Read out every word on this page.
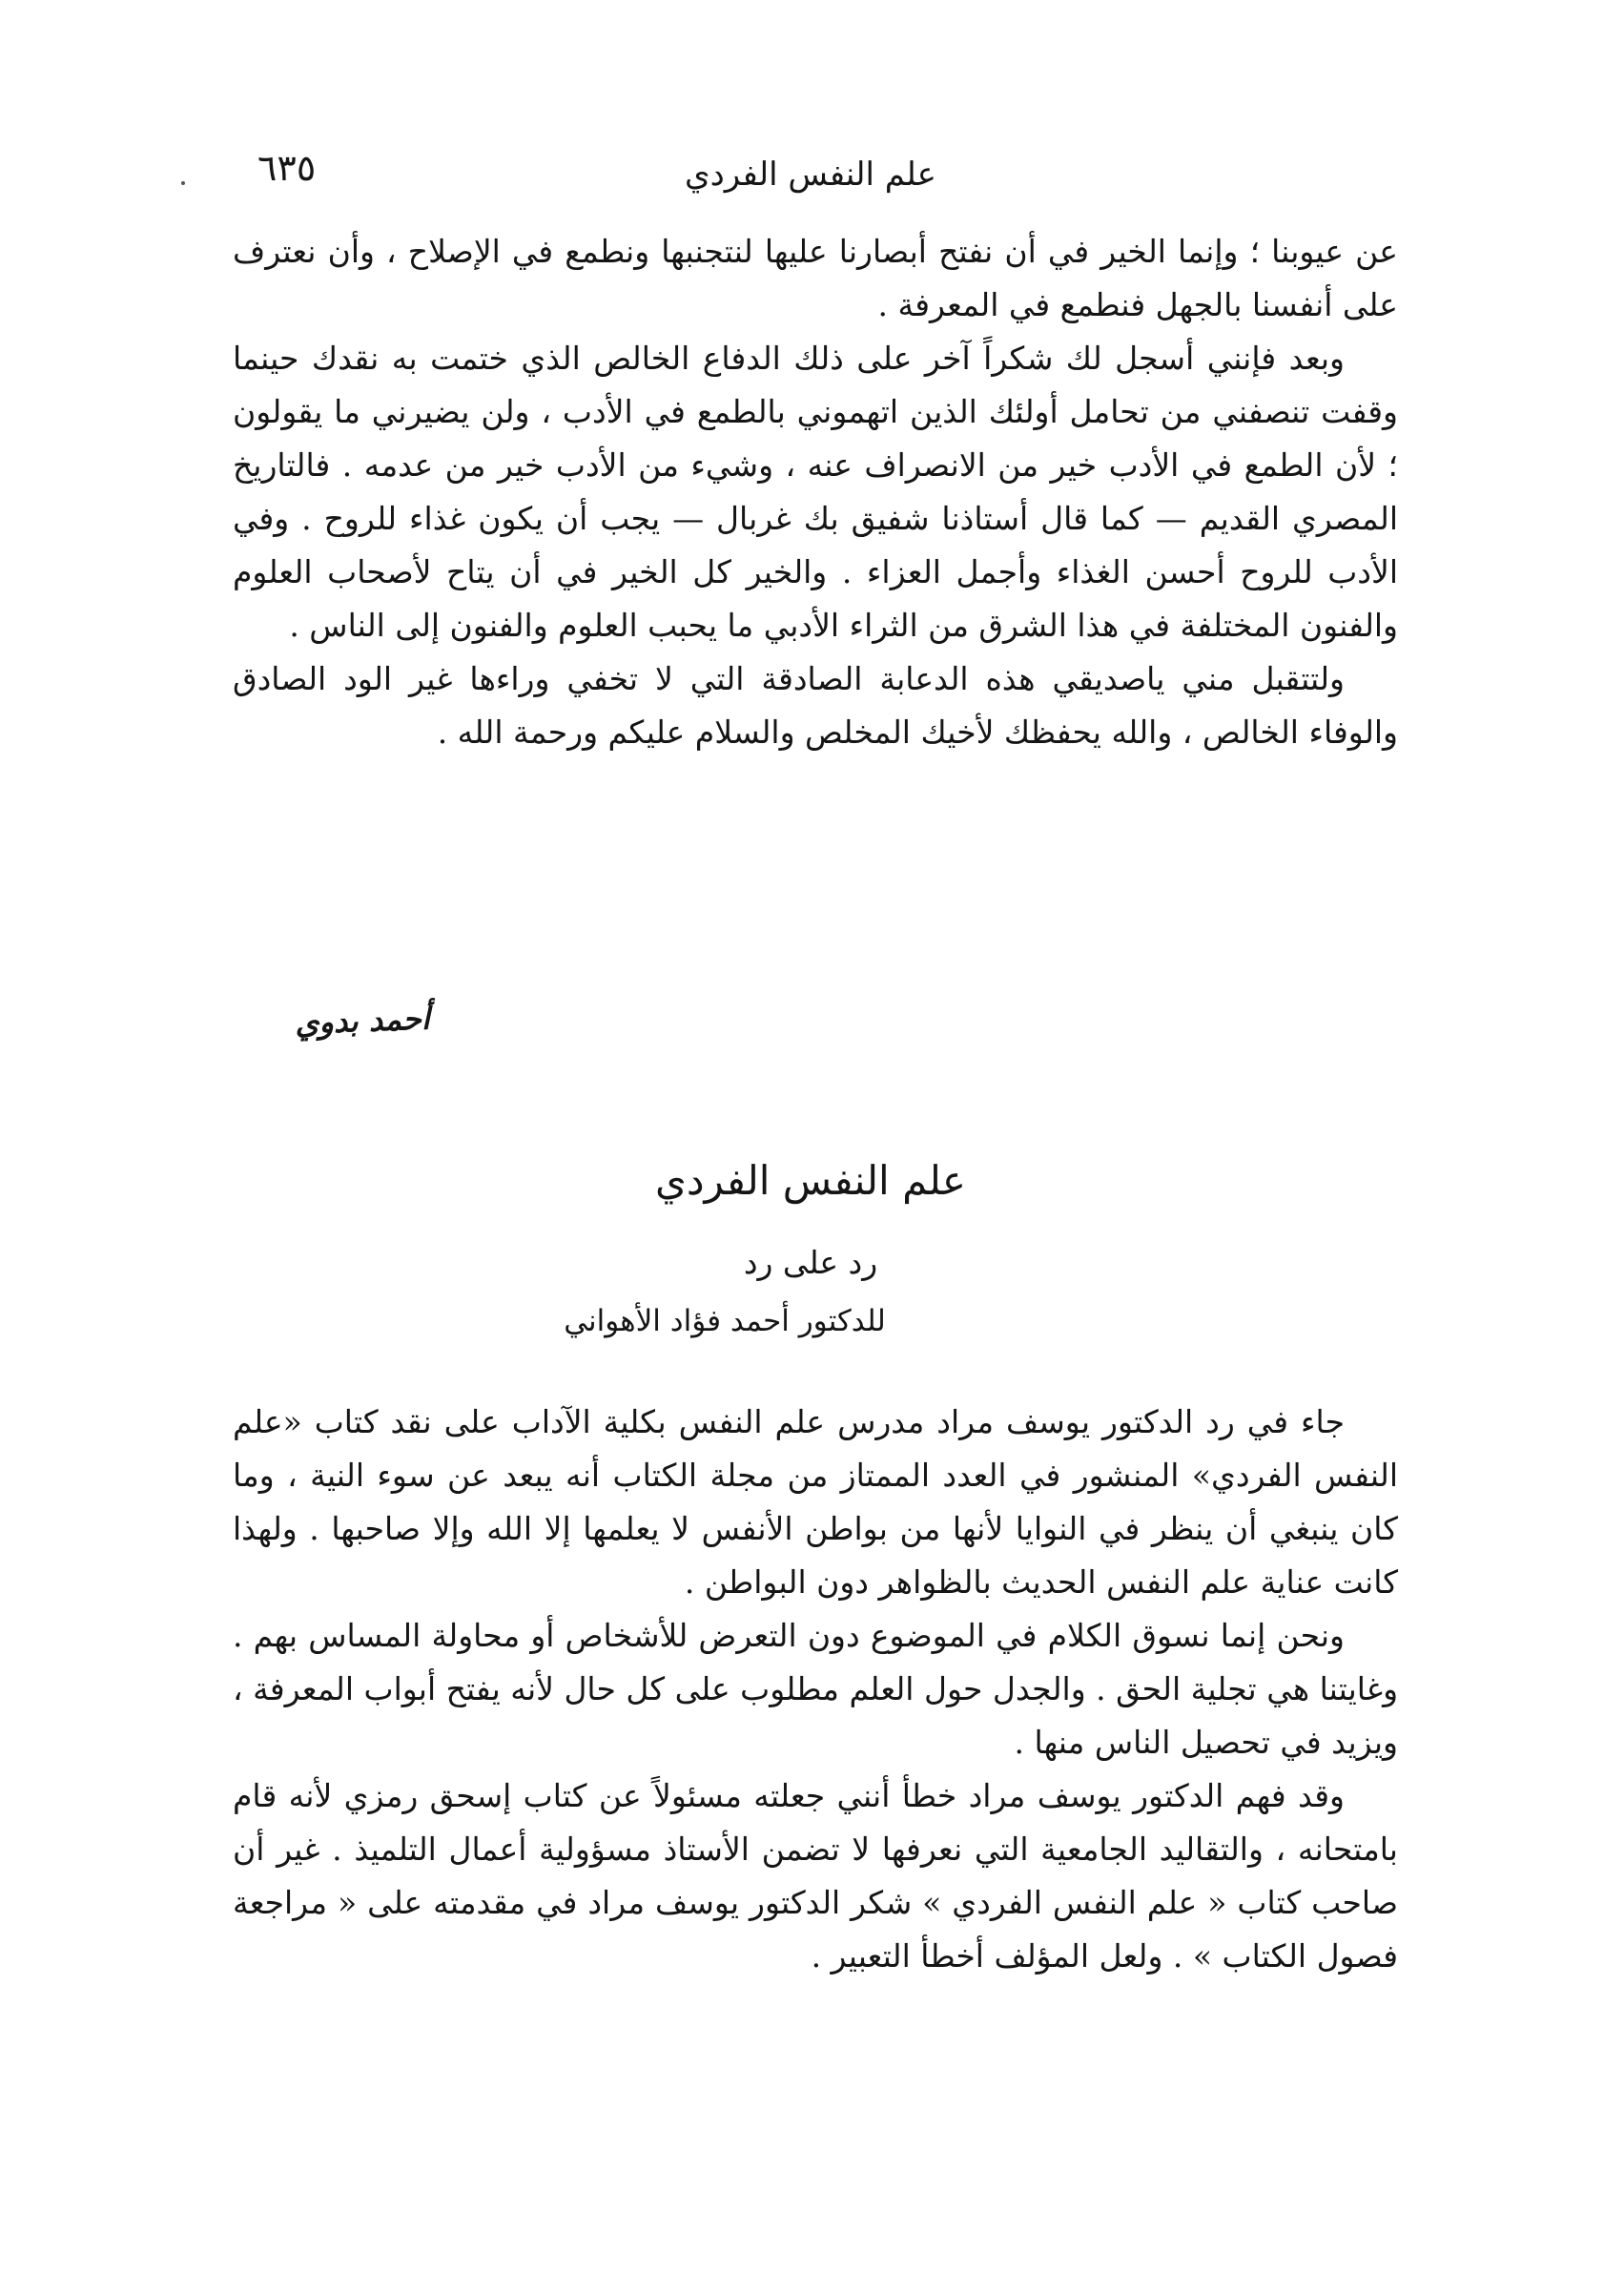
علم النفس الفردي
٦٣٥

عن عيوبنا ؛ وإنما الخير في أن نفتح أبصارنا عليها لنتجنبها ونطمع في الإصلاح ، وأن نعترف على أنفسنا بالجهل فنطمع في المعرفة .

وبعد فإنني أسجل لك شكراً آخر على ذلك الدفاع الخالص الذي ختمت به نقدك حينما وقفت تنصفني من تحامل أولئك الذين اتهموني بالطمع في الأدب ، ولن يضيرني ما يقولون ؛ لأن الطمع في الأدب خير من الانصراف عنه ، وشيء من الأدب خير من عدمه . فالتاريخ المصري القديم — كما قال أستاذنا شفيق بك غربال — يجب أن يكون غذاء للروح . وفي الأدب للروح أحسن الغذاء وأجمل العزاء . والخير كل الخير في أن يتاح لأصحاب العلوم والفنون المختلفة في هذا الشرق من الثراء الأدبي ما يحبب العلوم والفنون إلى الناس .

ولتتقبل مني ياصديقي هذه الدعابة الصادقة التي لا تخفي وراءها غير الود الصادق والوفاء الخالص ، والله يحفظك لأخيك المخلص والسلام عليكم ورحمة الله .

أحمد بدوي
علم النفس الفردي
رد على رد
للدكتور أحمد فؤاد الأهواني

جاء في رد الدكتور يوسف مراد مدرس علم النفس بكلية الآداب على نقد كتاب «علم النفس الفردي» المنشور في العدد الممتاز من مجلة الكتاب أنه يبعد عن سوء النية ، وما كان ينبغي أن ينظر في النوايا لأنها من بواطن الأنفس لا يعلمها إلا الله وإلا صاحبها . ولهذا كانت عناية علم النفس الحديث بالظواهر دون البواطن .

ونحن إنما نسوق الكلام في الموضوع دون التعرض للأشخاص أو محاولة المساس بهم . وغايتنا هي تجلية الحق . والجدل حول العلم مطلوب على كل حال لأنه يفتح أبواب المعرفة ، ويزيد في تحصيل الناس منها .

وقد فهم الدكتور يوسف مراد خطأ أنني جعلته مسئولاً عن كتاب إسحق رمزي لأنه قام بامتحانه ، والتقاليد الجامعية التي نعرفها لا تضمن الأستاذ مسؤولية أعمال التلميذ . غير أن صاحب كتاب « علم النفس الفردي » شكر الدكتور يوسف مراد في مقدمته على « مراجعة فصول الكتاب » . ولعل المؤلف أخطأ التعبير .
